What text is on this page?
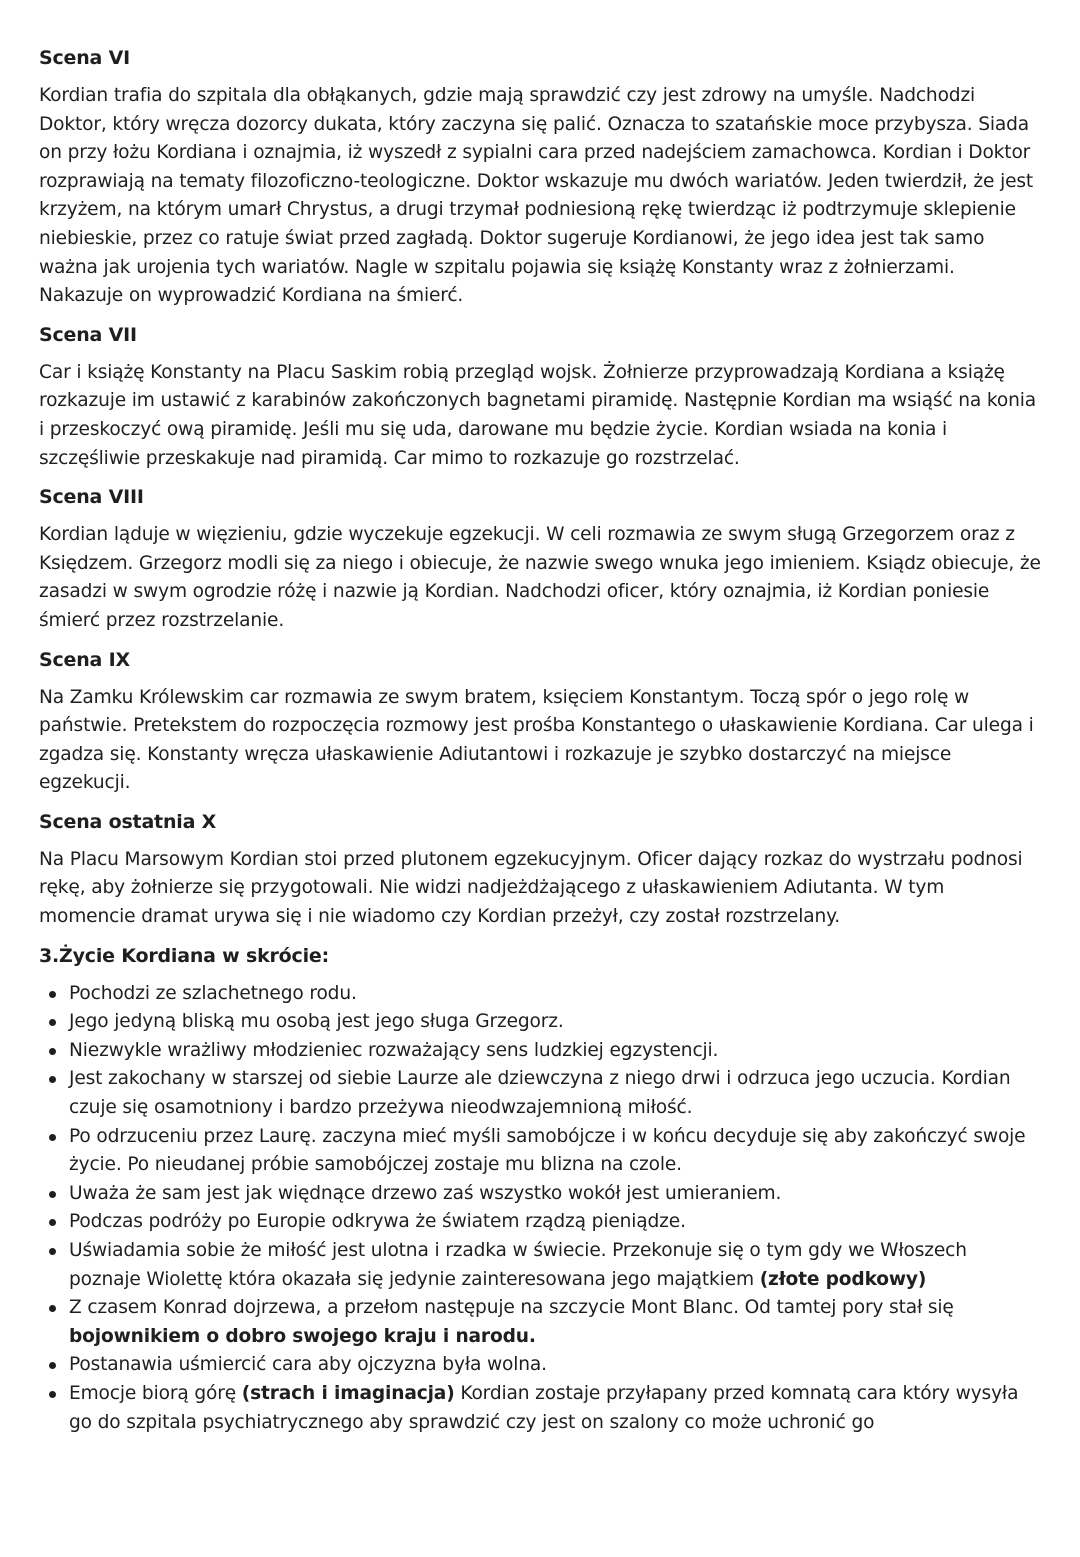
Scena VI

Kordian trafia do szpitala dla obłąkanych, gdzie mają sprawdzić czy jest zdrowy na umyśle. Nadchodzi Doktor, który wręcza dozorcy dukata, który zaczyna się palić. Oznacza to szatańskie moce przybysza. Siada on przy łożu Kordiana i oznajmia, iż wyszedł z sypialni cara przed nadejściem zamachowca. Kordian i Doktor rozprawiają na tematy filozoficzno-teologiczne. Doktor wskazuje mu dwóch wariatów. Jeden twierdził, że jest krzyżem, na którym umarł Chrystus, a drugi trzymał podniesioną rękę twierdząc iż podtrzymuje sklepienie niebieskie, przez co ratuje świat przed zagładą. Doktor sugeruje Kordianowi, że jego idea jest tak samo ważna jak urojenia tych wariatów. Nagle w szpitalu pojawia się książę Konstanty wraz z żołnierzami. Nakazuje on wyprowadzić Kordiana na śmierć.

Scena VII

Car i książę Konstanty na Placu Saskim robią przegląd wojsk. Żołnierze przyprowadzają Kordiana a książę rozkazuje im ustawić z karabinów zakończonych bagnetami piramidę. Następnie Kordian ma wsiąść na konia i przeskoczyć ową piramidę. Jeśli mu się uda, darowane mu będzie życie. Kordian wsiada na konia i szczęśliwie przeskakuje nad piramidą. Car mimo to rozkazuje go rozstrzelać.

Scena VIII

Kordian ląduje w więzieniu, gdzie wyczekuje egzekucji. W celi rozmawia ze swym sługą Grzegorzem oraz z Księdzem. Grzegorz modli się za niego i obiecuje, że nazwie swego wnuka jego imieniem. Ksiądz obiecuje, że zasadzi w swym ogrodzie różę i nazwie ją Kordian. Nadchodzi oficer, który oznajmia, iż Kordian poniesie śmierć przez rozstrzelanie.

Scena IX

Na Zamku Królewskim car rozmawia ze swym bratem, księciem Konstantym. Toczą spór o jego rolę w państwie. Pretekstem do rozpoczęcia rozmowy jest prośba Konstantego o ułaskawienie Kordiana. Car ulega i zgadza się. Konstanty wręcza ułaskawienie Adiutantowi i rozkazuje je szybko dostarczyć na miejsce egzekucji.

Scena ostatnia X

Na Placu Marsowym Kordian stoi przed plutonem egzekucyjnym. Oficer dający rozkaz do wystrzału podnosi rękę, aby żołnierze się przygotowali. Nie widzi nadjeżdżającego z ułaskawieniem Adiutanta. W tym momencie dramat urywa się i nie wiadomo czy Kordian przeżył, czy został rozstrzelany.

3.Życie Kordiana w skrócie:
Pochodzi ze szlachetnego rodu.
Jego jedyną bliską mu osobą jest jego sługa Grzegorz.
Niezwykle wrażliwy młodzieniec rozważający sens ludzkiej egzystencji.
Jest zakochany w starszej od siebie Laurze ale dziewczyna z niego drwi i odrzuca jego uczucia. Kordian czuje się osamotniony i bardzo przeżywa nieodwzajemnioną miłość.
Po odrzuceniu przez Laurę. zaczyna mieć myśli samobójcze i w końcu decyduje się aby zakończyć swoje życie. Po nieudanej próbie samobójczej zostaje mu blizna na czole.
Uważa że sam jest jak więdnące drzewo zaś wszystko wokół jest umieraniem.
Podczas podróży po Europie odkrywa że światem rządzą pieniądze.
Uświadamia sobie że miłość jest ulotna i rzadka w świecie. Przekonuje się o tym gdy we Włoszech poznaje Wiolettę która okazała się jedynie zainteresowana jego majątkiem (złote podkowy)
Z czasem Konrad dojrzewa, a przełom następuje na szczycie Mont Blanc. Od tamtej pory stał się bojownikiem o dobro swojego kraju i narodu.
Postanawia uśmiercić cara aby ojczyzna była wolna.
Emocje biorą górę (strach i imaginacja) Kordian zostaje przyłapany przed komnatą cara który wysyła go do szpitala psychiatrycznego aby sprawdzić czy jest on szalony co może uchronić go
